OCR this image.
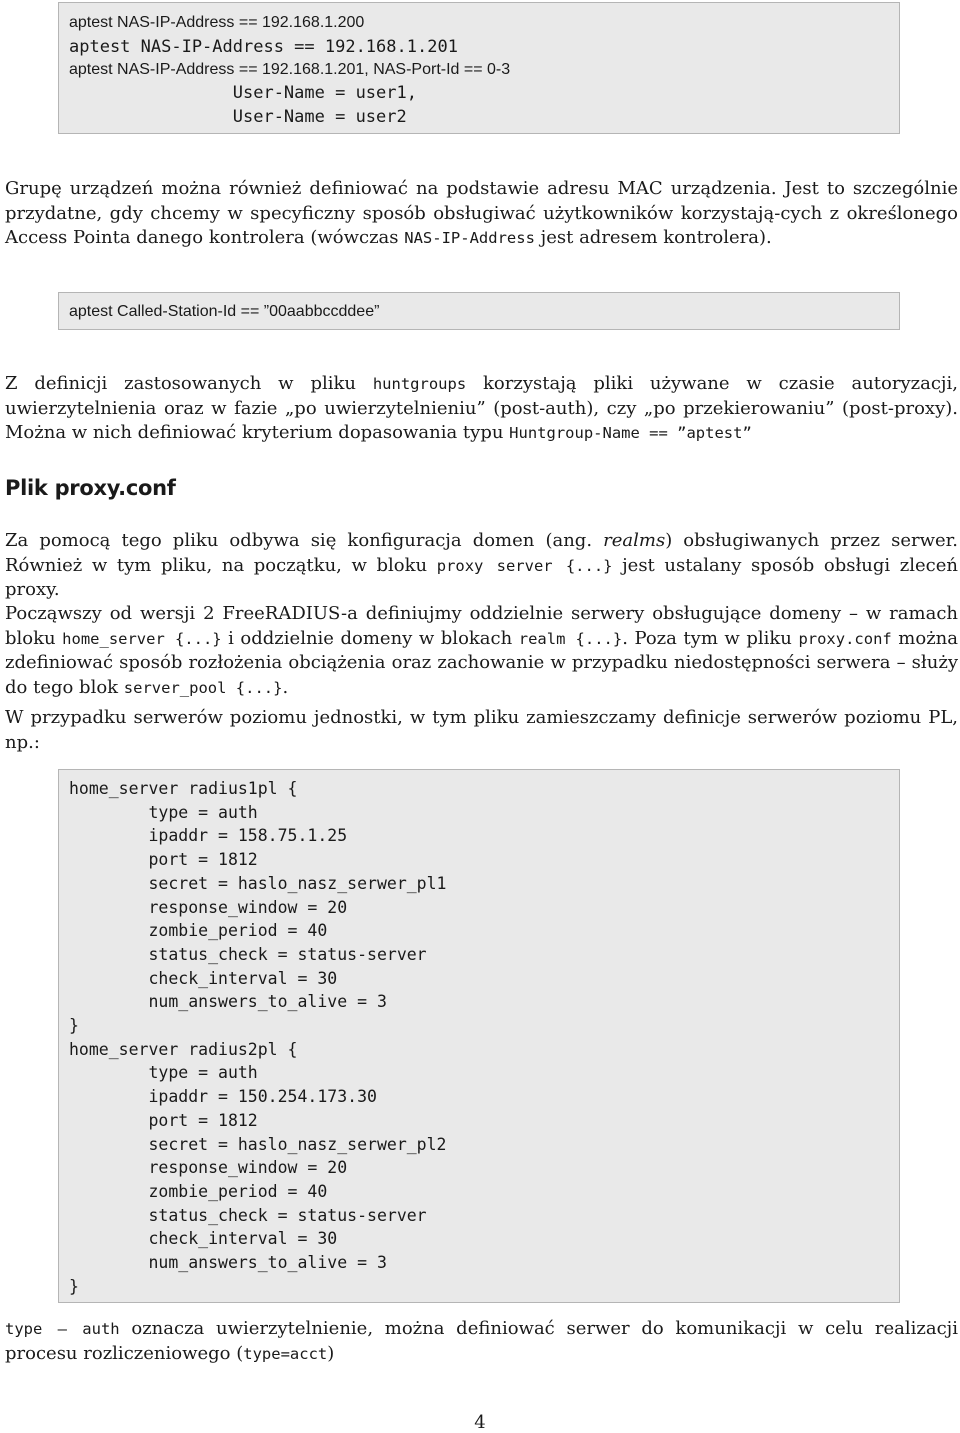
aptest NAS-IP-Address == 192.168.1.200
aptest NAS-IP-Address == 192.168.1.201
aptest NAS-IP-Address == 192.168.1.201, NAS-Port-Id == 0-3
User-Name = user1,
User-Name = user2
Grupę urządzeń można również definiować na podstawie adresu MAC urządzenia. Jest to szczególnie przydatne, gdy chcemy w specyficzny sposób obsługiwać użytkowników korzystają-cych z określonego Access Pointa danego kontrolera (wówczas NAS-IP-Address jest adresem kontrolera).
aptest Called-Station-Id == ”00aabbccddee”
Z definicji zastosowanych w pliku huntgroups korzystają pliki używane w czasie autoryzacji, uwierzytelnienia oraz w fazie „po uwierzytelnieniu” (post-auth), czy „po przekierowaniu” (post-proxy). Można w nich definiować kryterium dopasowania typu Huntgroup-Name == ”aptest”
Plik proxy.conf
Za pomocą tego pliku odbywa się konfiguracja domen (ang. realms) obsługiwanych przez serwer. Również w tym pliku, na początku, w bloku proxy server {...} jest ustalany sposób obsługi zleceń proxy.
Począwszy od wersji 2 FreeRADIUS-a definiujmy oddzielnie serwery obsługujące domeny – w ramach bloku home_server {...} i oddzielnie domeny w blokach realm {...}. Poza tym w pliku proxy.conf można zdefiniować sposób rozłożenia obciążenia oraz zachowanie w przypadku niedostępności serwera – służy do tego blok server_pool {...}.
W przypadku serwerów poziomu jednostki, w tym pliku zamieszczamy definicje serwerów poziomu PL, np.:
home_server radius1pl {
type = auth
ipaddr = 158.75.1.25
port = 1812
secret = haslo_nasz_serwer_pl1
response_window = 20
zombie_period = 40
status_check = status-server
check_interval = 30
num_answers_to_alive = 3
}
home_server radius2pl {
type = auth
ipaddr = 150.254.173.30
port = 1812
secret = haslo_nasz_serwer_pl2
response_window = 20
zombie_period = 40
status_check = status-server
check_interval = 30
num_answers_to_alive = 3
}
type – auth oznacza uwierzytelnienie, można definiować serwer do komunikacji w celu realizacji procesu rozliczeniowego (type=acct)
4
